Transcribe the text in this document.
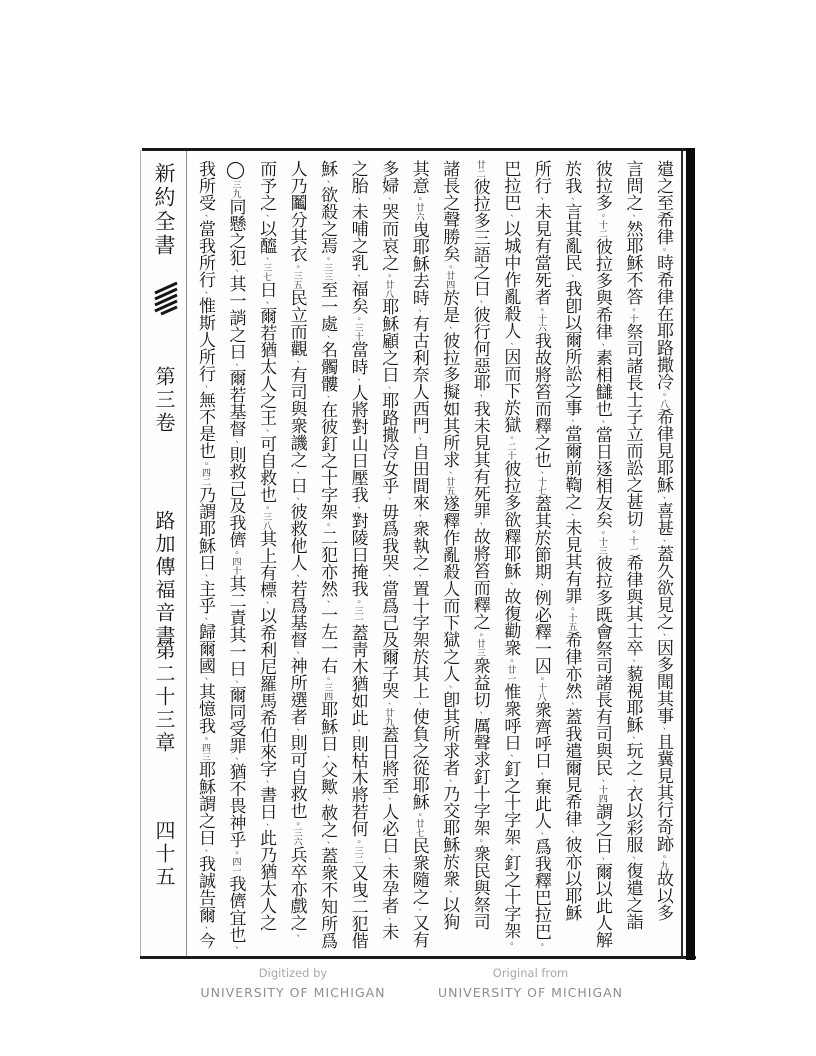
新約全書
第三卷
路加傳福音書
第二十三章
四十五
遣之至希律。時希律在耶路撒冷。八希律見耶穌、喜甚、蓋久欲見之、因多聞其事、且冀見其行奇跡。九故以多
言問之、然耶穌不答。十祭司諸長士子立而訟之甚切。十一希律與其士卒、藐視耶穌、玩之、衣以彩服、復遣之詣
彼拉多。十二彼拉多與希律、素相讎也、當日逐相友矣。十三彼拉多既會祭司諸長有司與民、十四謂之曰、爾以此人解
於我、言其亂民、我卽以爾所訟之事、當爾前鞫之、未見其有罪。十五希律亦然、蓋我遣爾見希律、彼亦以耶穌
所行、未見有當死者。十六我故將笞而釋之也、十七蓋其於節期、例必釋一囚。十八衆齊呼曰、棄此人、爲我釋巴拉巴。
巴拉巴、以城中作亂殺人、因而下於獄。二十彼拉多欲釋耶穌、故復勸衆。廿一惟衆呼曰、釘之十字架、釘之十字架。
廿二彼拉多三語之曰、彼行何惡耶、我未見其有死罪、故將笞而釋之。廿三衆益切、厲聲求釘十字架。衆民與祭司
諸長之聲勝矣。廿四於是、彼拉多擬如其所求、廿五遂釋作亂殺人而下獄之人、卽其所求者、乃交耶穌於衆、以狥
其意。廿六曳耶穌去時、有古利奈人西門、自田間來、衆執之、置十字架於其上、使負之從耶穌。廿七民衆隨之、又有
多婦、哭而哀之。廿八耶穌顧之曰、耶路撒冷女乎、毋爲我哭、當爲己及爾子哭、廿九蓋日將至、人必曰、未孕者、未
之胎、未哺之乳、福矣。三十當時、人將對山曰壓我、對陵曰掩我。三一蓋靑木猶如此、則枯木將若何。三二又曳二犯偕
穌、欲殺之焉。三三至一處、名髑髏、在彼釘之十字架。二犯亦然、一左一右。三四耶穌曰、父歟、赦之、蓋衆不知所爲
人乃鬮分其衣。三五民立而觀、有司與衆譏之、曰、彼救他人、若爲基督、神所選者、則可自救也。三六兵卒亦戲之、
而予之、以醯、三七曰、爾若猶太人之王、可自救也。三八其上有標、以希利尼羅馬希伯來字、書曰、此乃猶太人之
◯三九同懸之犯、其一誚之曰、爾若基督、則救己及我儕。四十其二責其一曰、爾同受罪、猶不畏神乎。四一我儕宜也、
我所受、當我所行、惟斯人所行、無不是也。四二乃謂耶穌曰、主乎、歸爾國、其憶我。四三耶穌謂之曰、我誠告爾、今
Digitized by
UNIVERSITY OF MICHIGAN
Original from
UNIVERSITY OF MICHIGAN
